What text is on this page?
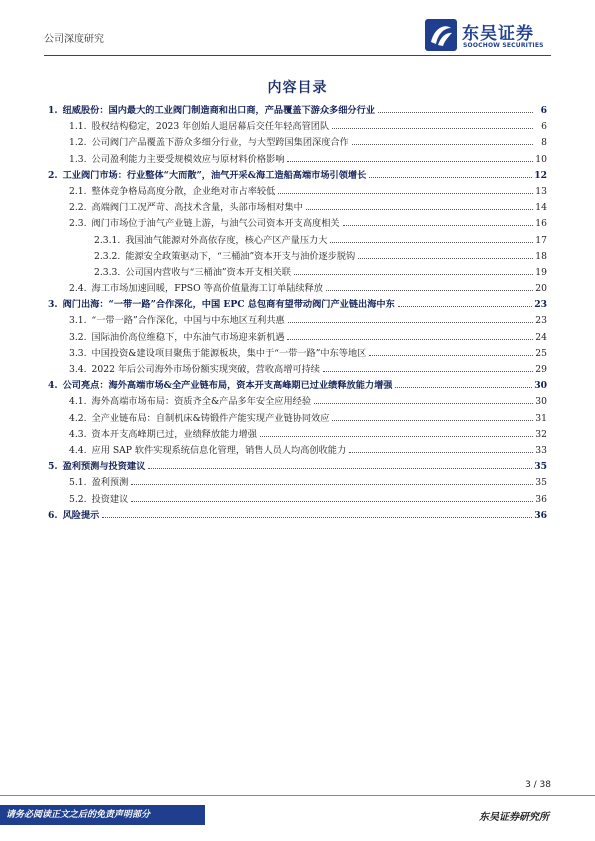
公司深度研究	东吴证券
SOOCHOW SECURITIES
内容目录
1. 纽威股份：国内最大的工业阀门制造商和出口商，产品覆盖下游众多细分行业	6
1.1. 股权结构稳定，2023 年创始人退居幕后交任年轻高管团队	6
1.2. 公司阀门产品覆盖下游众多细分行业，与大型跨国集团深度合作	8
1.3. 公司盈利能力主要受规模效应与原材料价格影响	10
2. 工业阀门市场：行业整体“大而散”，油气开采&海工造船高端市场引领增长	12
2.1. 整体竞争格局高度分散，企业绝对市占率较低	13
2.2. 高端阀门工况严苛、高技术含量，头部市场相对集中	14
2.3. 阀门市场位于油气产业链上游，与油气公司资本开支高度相关	16
2.3.1. 我国油气能源对外高依存度，核心产区产量压力大	17
2.3.2. 能源安全政策驱动下，“三桶油”资本开支与油价逐步脱钩	18
2.3.3. 公司国内营收与“三桶油”资本开支相关联	19
2.4. 海工市场加速回暖，FPSO 等高价值量海工订单陆续释放	20
3. 阀门出海：“一带一路”合作深化，中国 EPC 总包商有望带动阀门产业链出海中东	23
3.1. “一带一路”合作深化，中国与中东地区互利共惠	23
3.2. 国际油价高位维稳下，中东油气市场迎来新机遇	24
3.3. 中国投资&建设项目聚焦于能源板块，集中于“一带一路”中东等地区	25
3.4. 2022 年后公司海外市场份额实现突破，营收高增可持续	29
4. 公司亮点：海外高端市场&全产业链布局，资本开支高峰期已过业绩释放能力增强	30
4.1. 海外高端市场布局：资质齐全&产品多年安全应用经验	30
4.2. 全产业链布局：自制机床&铸锻件产能实现产业链协同效应	31
4.3. 资本开支高峰期已过，业绩释放能力增强	32
4.4. 应用 SAP 软件实现系统信息化管理，销售人员人均高创收能力	33
5. 盈利预测与投资建议	35
5.1. 盈利预测	35
5.2. 投资建议	36
6. 风险提示	36
3 / 38
请务必阅读正文之后的免责声明部分	东吴证券研究所
